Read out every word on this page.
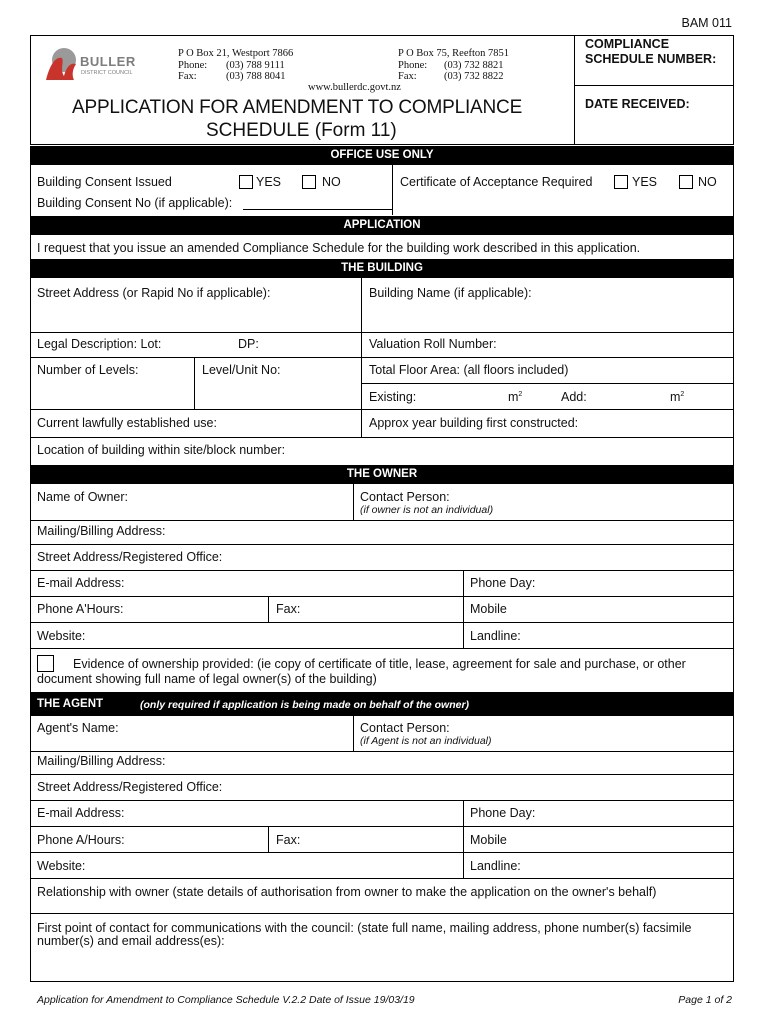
BAM 011
BULLER
DISTRICT COUNCIL
P O Box 21, Westport 7866
Phone: (03) 788 9111
Fax:	(03) 788 8041
P O Box 75, Reefton 7851
Phone: (03) 732 8821
Fax:	(03) 732 8822
www.bullerdc.govt.nz
APPLICATION FOR AMENDMENT TO COMPLIANCE
SCHEDULE (Form 11)
COMPLIANCE
SCHEDULE NUMBER:
DATE RECEIVED:
OFFICE USE ONLY
Building Consent Issued	YES	NO	Certificate of Acceptance Required	YES	NO
Building Consent No (if applicable):
APPLICATION
I request that you issue an amended Compliance Schedule for the building work described in this application.
THE BUILDING
Street Address (or Rapid No if applicable):	Building Name (if applicable):
Legal Description: Lot:	DP:	Valuation Roll Number:
Number of Levels:	Level/Unit No:	Total Floor Area: (all floors included)
Existing:	$m^2$	Add:	$m^2$
Current lawfully established use:	Approx year building first constructed:
Location of building within site/block number:
THE OWNER
Name of Owner:	Contact Person:
(if owner is not an individual)
Mailing/Billing Address:
Street Address/Registered Office:
E-mail Address:	Phone Day:
Phone A'Hours:	Fax:	Mobile
Website:	Landline:
Evidence of ownership provided: (ie copy of certificate of title, lease, agreement for sale and purchase, or other
document showing full name of legal owner(s) of the building)
THE AGENT	(only required if application is being made on behalf of the owner)
Agent's Name:	Contact Person:
(if Agent is not an individual)
Mailing/Billing Address:
Street Address/Registered Office:
E-mail Address:	Phone Day:
Phone A/Hours:	Fax:	Mobile
Website:	Landline:
Relationship with owner (state details of authorisation from owner to make the application on the owner's behalf)
First point of contact for communications with the council: (state full name, mailing address, phone number(s) facsimile
number(s) and email address(es):
Application for Amendment to Compliance Schedule V.2.2 Date of Issue 19/03/19	Page 1 of 2
